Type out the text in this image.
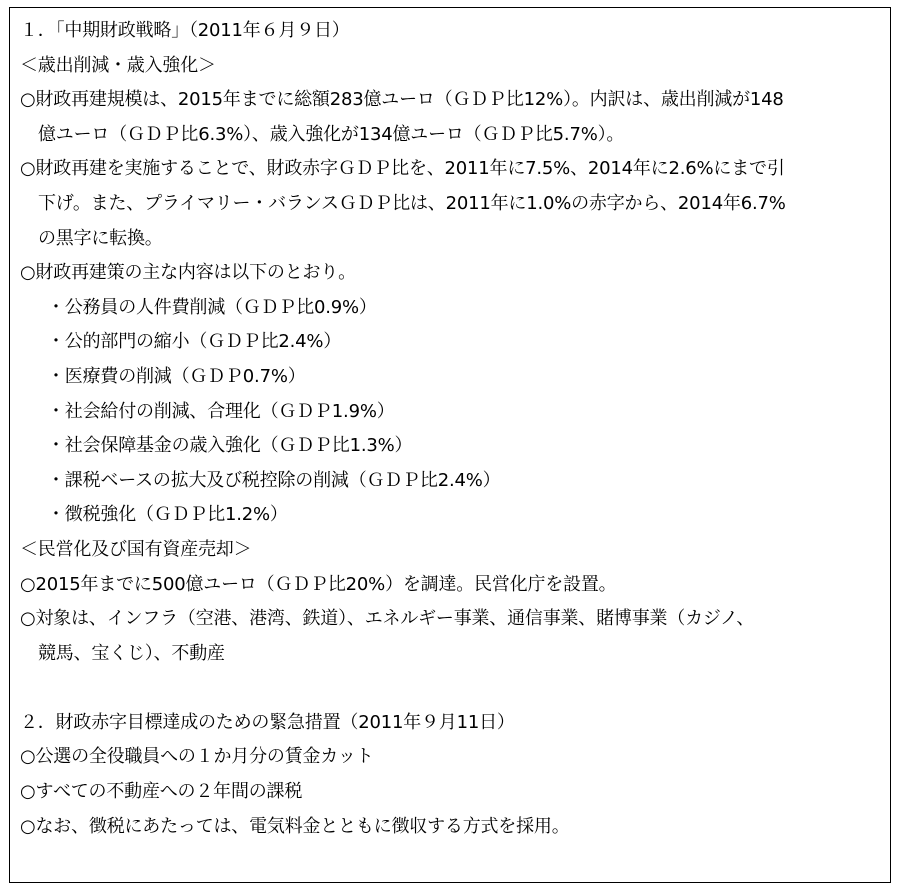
１．「中期財政戦略」（2011年６月９日）
＜歳出削減・歳入強化＞
○財政再建規模は、2015年までに総額283億ユーロ（ＧＤＰ比12%）。内訳は、歳出削減が148
億ユーロ（ＧＤＰ比6.3%）、歳入強化が134億ユーロ（ＧＤＰ比5.7%）。
○財政再建を実施することで、財政赤字ＧＤＰ比を、2011年に7.5%、2014年に2.6%にまで引
下げ。また、プライマリー・バランスＧＤＰ比は、2011年に1.0%の赤字から、2014年6.7%
の黒字に転換。
○財政再建策の主な内容は以下のとおり。
・公務員の人件費削減（ＧＤＰ比0.9%）
・公的部門の縮小（ＧＤＰ比2.4%）
・医療費の削減（ＧＤＰ0.7%）
・社会給付の削減、合理化（ＧＤＰ1.9%）
・社会保障基金の歳入強化（ＧＤＰ比1.3%）
・課税ベースの拡大及び税控除の削減（ＧＤＰ比2.4%）
・徴税強化（ＧＤＰ比1.2%）
＜民営化及び国有資産売却＞
○2015年までに500億ユーロ（ＧＤＰ比20%）を調達。民営化庁を設置。
○対象は、インフラ（空港、港湾、鉄道）、エネルギー事業、通信事業、賭博事業（カジノ、
競馬、宝くじ）、不動産
２．財政赤字目標達成のための緊急措置（2011年９月11日）
○公選の全役職員への１か月分の賃金カット
○すべての不動産への２年間の課税
○なお、徴税にあたっては、電気料金とともに徴収する方式を採用。
